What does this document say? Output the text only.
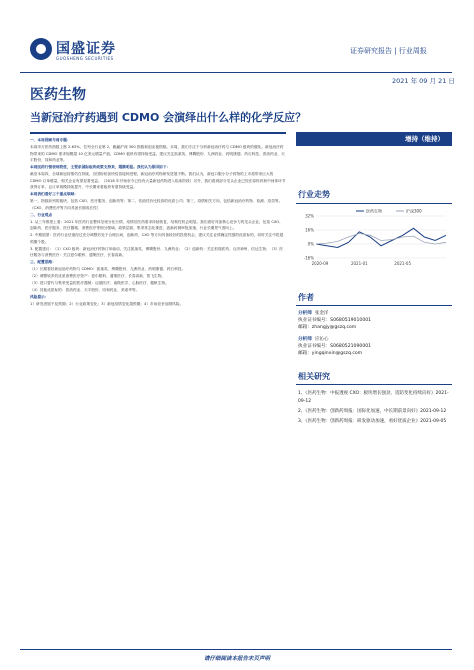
国盛证券
GUOSHENG SECURITIES
证券研究报告 | 行业周报
2021 年 09 月 21 日
医药生物
当新冠治疗药遇到 CDMO 会演绎出什么样的化学反应？
增持（维持）

一、本周回顾与周专题：

本周申万医药指数上涨 2.63%，位列全行业第 2，跑赢沪深 300 指数和创业板指数。本周，我们专注于分析新冠治疗药与 CDMO 板块的催化。新冠治疗药物带来的 CDMO 需求规模超 10 亿美元增量产值，CDMO 板块有望持续受益。建议关注凯莱英、博腾股份、九洲药业、药明康德、药石科技、普洛药业、天宇股份、同和药业等。

本周医药行情表现较优，主要系国际板块政策支持来，超额明显。我们认为原因如下：

截至本周四，全球新冠疫情仍在持续，各国纷纷加快疫苗接种进程，新冠治疗药物研发进展不断。我们认为，新冠口服小分子药物的上市将带来巨大的 CDMO 订单增量，相关企业有望显著受益。（2018 年开始至今已经有大量新冠药物进入临床阶段）另外，我们看到部分龙头企业已经在原料药和中间体环节获得订单，且订单规模持续提升，中长期来看板块有望持续受益。

本周我们看好三个重点领域：

第一，指数前列的板块，包括 CXO、医疗服务、创新药等；第二，估值性价比较高的优质公司；第三，疫情相关方向，包括新冠治疗药物、检测、疫苗等。（CXO、消费医疗等方向具备长期成长性）

二、行业观点

1. 从三年维度上看：2021 年医药行业整体呈现分化行情，疫情后医药需求持续恢复，结构性机会明显。我们看好具备核心竞争力的龙头企业，包括 CXO、创新药、医疗服务、医疗器械、消费医疗等细分领域。政策层面，集采常态化推进，创新药械审批加速，行业长期景气度向上。

2. 中期展望：医药行业估值经过充分调整后处于合理区间，创新药、CXO 等方向具备较好的投资机会，建议关注业绩确定性强的优质标的，同时关注中报超预期个股。

3. 配置建议：（1）CXO 板块：新冠治疗药物订单驱动，关注凯莱英、博腾股份、九洲药业；（2）创新药：关注恒瑞医药、百济神州、信达生物；（3）医疗服务与消费医疗：关注爱尔眼科、通策医疗、长春高新。

三、配置思路：

（1）长期看好新冠治疗药物与 CDMO：凯莱英、博腾股份、九洲药业、药明康德、药石科技。

（2）调整较多的优质消费医疗资产：爱尔眼科、通策医疗、长春高新、智飞生物。

（3）进口替代与集采受益的医疗器械：迈瑞医疗、南微医学、心脉医疗、健帆生物。

（4）其他优质标的：普洛药业、天宇股份、同和药业、美诺华等。

风险提示：

1）研发进展不及预期；2）行业政策变化；3）新冠疫情变化超预期；4）市场竞争加剧风险。

行业走势
32%
16%
0%
-16%
2020-09	2021-01	2021-05
医药生物	沪深300
作者
分析师 张金洋
执业证书编号：S0680519010001
邮箱：zhangjy@gszq.com
分析师 应沁心
执业证书编号：S0680521090001
邮箱：yingqinxin@gszq.com
相关研究
1、《医药生物：中报透视 CXO：板块增长强劲，适防变化持续向好》2021-09-12
2、《医药生物：创新药周报：国际化加速，中长期前景向好》2021-09-12
3、《医药生物：创新药周报：研发驱动加速，看好优质企业》2021-09-05
请仔细阅读本报告末页声明
